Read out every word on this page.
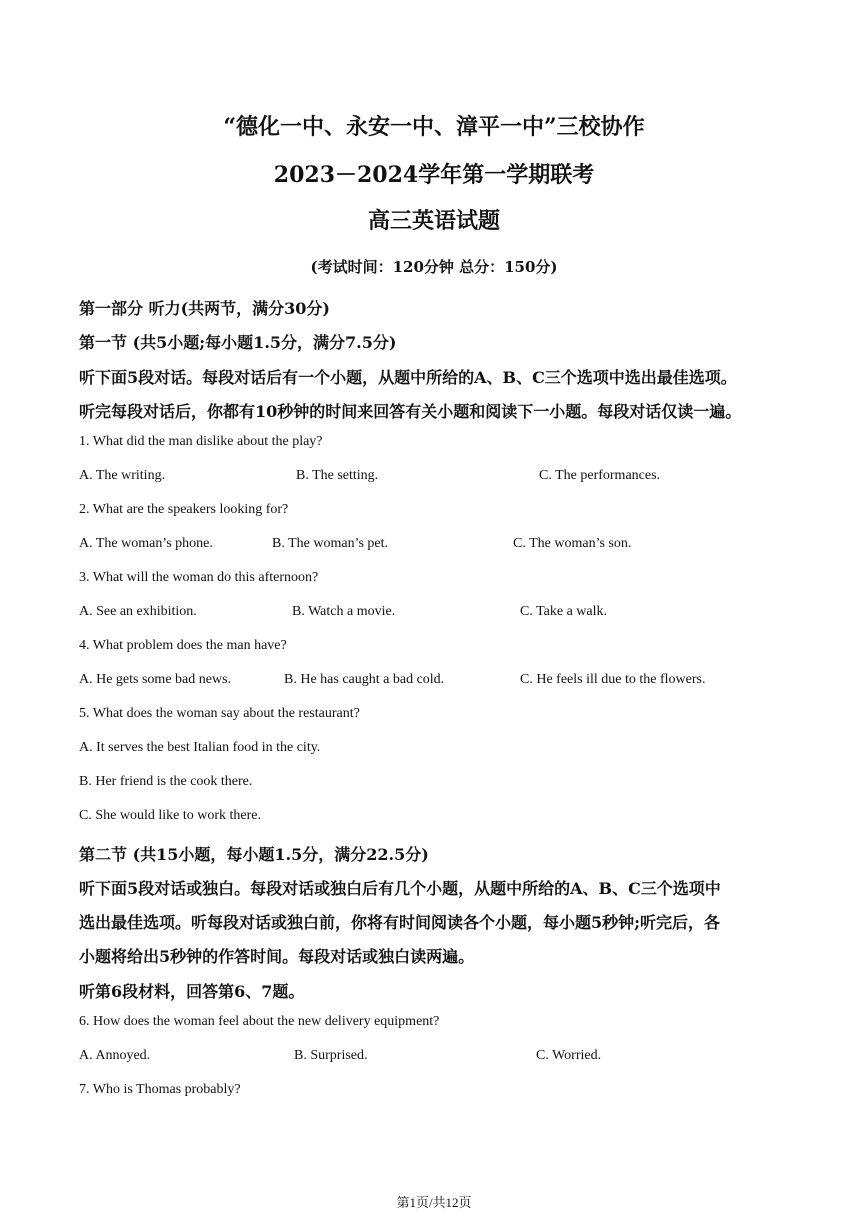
“德化一中、永安一中、漳平一中”三校协作
2023－2024学年第一学期联考
高三英语试题
(考试时间：120分钟 总分：150分)
第一部分 听力(共两节，满分30分)
第一节 (共5小题;每小题1.5分，满分7.5分)
听下面5段对话。每段对话后有一个小题，从题中所给的A、B、C三个选项中选出最佳选项。
听完每段对话后，你都有10秒钟的时间来回答有关小题和阅读下一小题。每段对话仅读一遍。
1. What did the man dislike about the play?
A. The writing.	B. The setting.	C. The performances.
2. What are the speakers looking for?
A. The woman’s phone.	B. The woman’s pet.	C. The woman’s son.
3. What will the woman do this afternoon?
A. See an exhibition.	B. Watch a movie.	C. Take a walk.
4. What problem does the man have?
A. He gets some bad news.	B. He has caught a bad cold.	C. He feels ill due to the flowers.
5. What does the woman say about the restaurant?
A. It serves the best Italian food in the city.
B. Her friend is the cook there.
C. She would like to work there.
第二节 (共15小题，每小题1.5分，满分22.5分)
听下面5段对话或独白。每段对话或独白后有几个小题，从题中所给的A、B、C三个选项中
选出最佳选项。听每段对话或独白前，你将有时间阅读各个小题，每小题5秒钟;听完后，各
小题将给出5秒钟的作答时间。每段对话或独白读两遍。
听第6段材料，回答第6、7题。
6. How does the woman feel about the new delivery equipment?
A. Annoyed.	B. Surprised.	C. Worried.
7. Who is Thomas probably?
第1页/共12页
